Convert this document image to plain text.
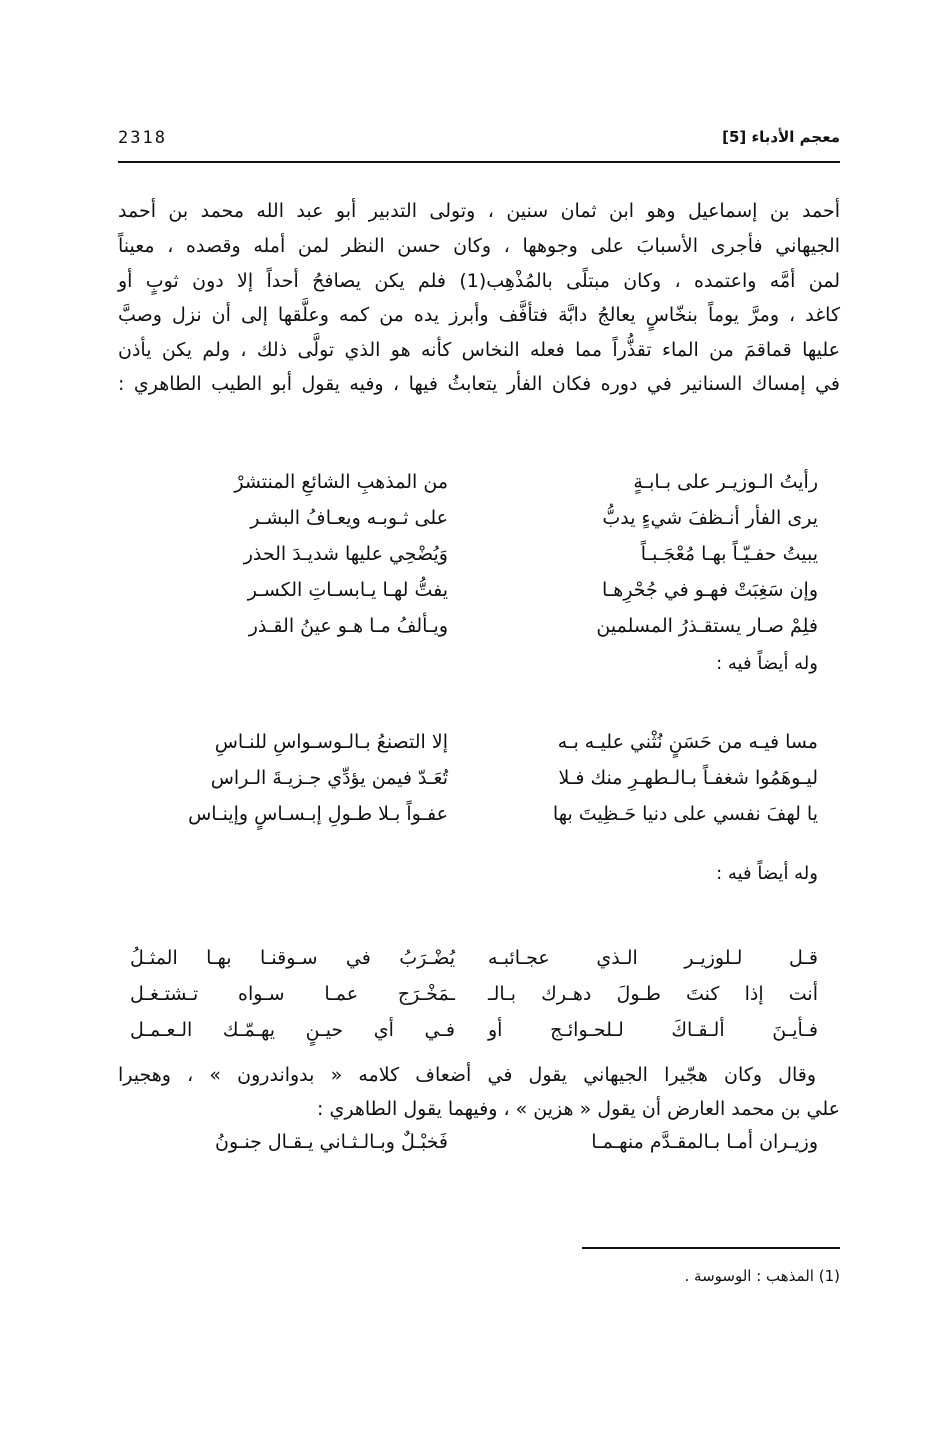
2318	معجم الأدباء [5]
أحمد بن إسماعيل وهو ابن ثمان سنين ، وتولى التدبير أبو عبد الله محمد بن أحمد
الجيهاني فأجرى الأسبابَ على وجوهها ، وكان حسن النظر لمن أمله وقصده ، معيناً
لمن أمَّه واعتمده ، وكان مبتلًى بالمُذْهِب(1) فلم يكن يصافحُ أحداً إلا دون ثوبٍ أو
كاغد ، ومرَّ يوماً بنخّاسٍ يعالجُ دابَّة فتأفَّف وأبرز يده من كمه وعلَّقها إلى أن نزل وصبَّ
عليها قماقمَ من الماء تقذُّراً مما فعله النخاس كأنه هو الذي تولَّى ذلك ، ولم يكن يأذن
في إمساك السنانير في دوره فكان الفأر يتعابثُ فيها ، وفيه يقول أبو الطيب الطاهري :
رأيتُ الـوزيـر على بـابـةٍ
من المذهبِ الشائعِ المنتشرْ
يرى الفأر أنـظفَ شيءٍ يدبُّ
على ثـوبـه ويعـافُ البشـر
يبيتُ حفـيّـاً بهـا مُعْجَـبـاً
وَيُضْحِي عليها شديـدَ الحذر
وإن سَغِبَتْ فهـو في جُحْرِهـا
يفتُّ لهـا يـابسـاتِ الكسـر
فلِمْ صـار يستقـذرُ المسلمين
ويـألفُ مـا هـو عينُ القـذر
وله أيضاً فيه :
مسا فيـه من حَسَنٍ نُثْني عليـه بـه
إلا التصنعُ بـالـوسـواسِ للنـاسِ
ليـوهَمُوا شغفـاً بـالـطهـرِ منك فـلا
تُعَـدّ فيمن يؤدِّي جـزيـةَ الـراس
يا لهفَ نفسي على دنيا حَـظِيتَ بها
عفـواً بـلا طـولِ إبـسـاسٍ وإينـاس
وله أيضاً فيه :
قـل لـلوزيـر الـذي عجـائبـه
يُضْـرَبُ في سـوقنـا بهـا المثـلُ
أنت إذا كنتَ طـولَ دهـرك بـالـ
ـمَخْـرَج عمـا سـواه تـشتـغـل
فـأيـنَ ألـقـاكَ لـلحـوائـج أو
فـي أي حيـنٍ يهـمّـك الـعـمـل
وقال وكان هجّيرا الجيهاني يقول في أضعاف كلامه « بدواندرون » ، وهجيرا
علي بن محمد العارض أن يقول « هزين » ، وفيهما يقول الطاهري :
وزيـران أمـا بـالمقـدَّم منهـمـا
فَخبْـلٌ وبـالـثـاني يـقـال جنـونُ
(1) المذهب : الوسوسة .
